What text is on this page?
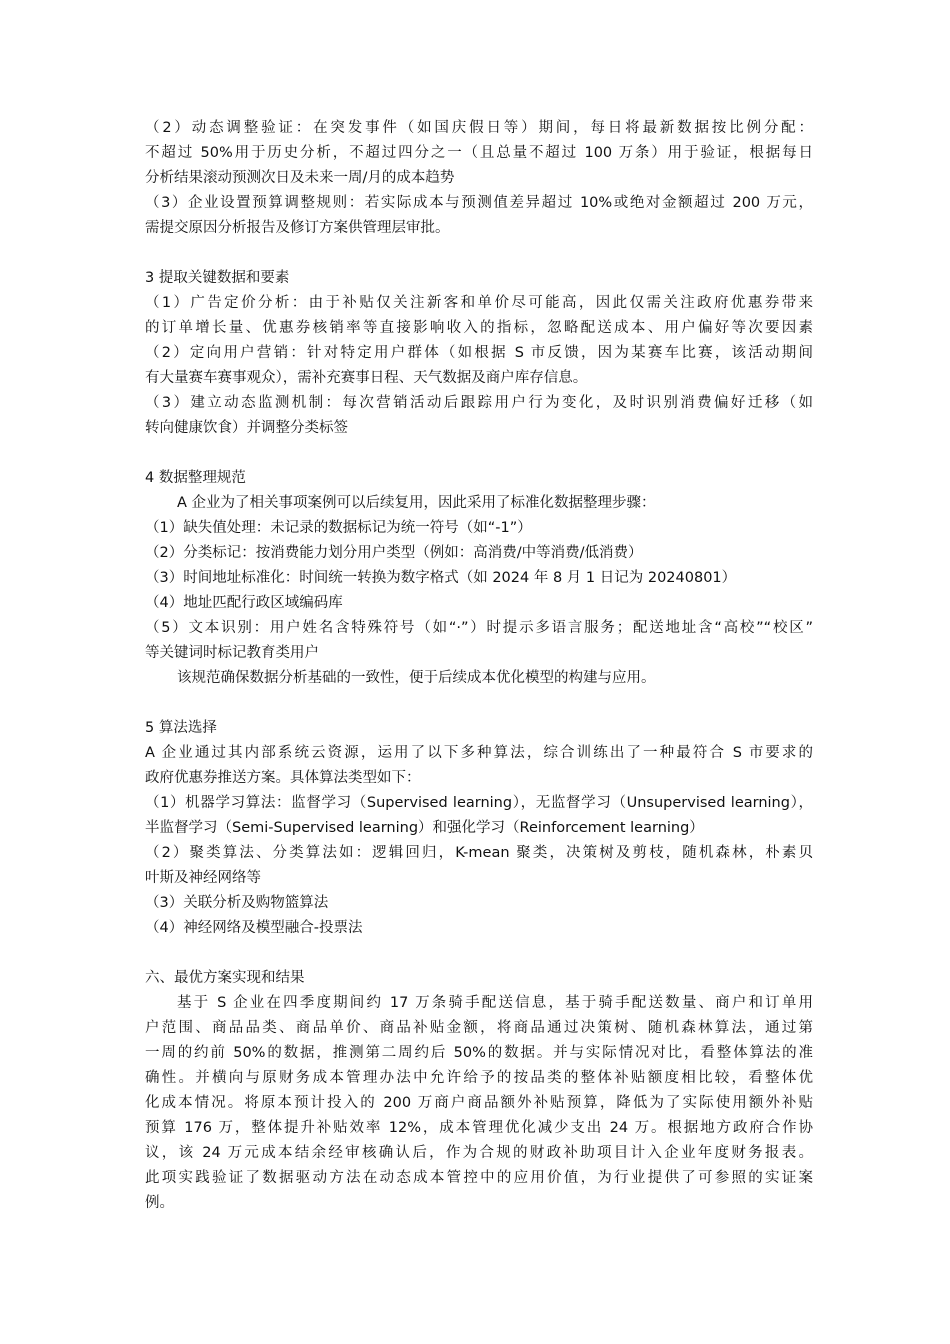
（2）动态调整验证：在突发事件（如国庆假日等）期间，每日将最新数据按比例分配：
不超过 50%用于历史分析，不超过四分之一（且总量不超过 100 万条）用于验证，根据每日
分析结果滚动预测次日及未来一周/月的成本趋势
（3）企业设置预算调整规则：若实际成本与预测值差异超过 10%或绝对金额超过 200 万元，
需提交原因分析报告及修订方案供管理层审批。
3 提取关键数据和要素
（1）广告定价分析：由于补贴仅关注新客和单价尽可能高，因此仅需关注政府优惠券带来
的订单增长量、优惠券核销率等直接影响收入的指标，忽略配送成本、用户偏好等次要因素
（2）定向用户营销：针对特定用户群体（如根据 S 市反馈，因为某赛车比赛，该活动期间
有大量赛车赛事观众），需补充赛事日程、天气数据及商户库存信息。
（3）建立动态监测机制：每次营销活动后跟踪用户行为变化，及时识别消费偏好迁移（如
转向健康饮食）并调整分类标签
4 数据整理规范
A 企业为了相关事项案例可以后续复用，因此采用了标准化数据整理步骤：
（1）缺失值处理：未记录的数据标记为统一符号（如“-1”）
（2）分类标记：按消费能力划分用户类型（例如：高消费/中等消费/低消费）
（3）时间地址标准化：时间统一转换为数字格式（如 2024 年 8 月 1 日记为 20240801）
（4）地址匹配行政区域编码库
（5）文本识别：用户姓名含特殊符号（如“·”）时提示多语言服务；配送地址含“高校”“校区”
等关键词时标记教育类用户
该规范确保数据分析基础的一致性，便于后续成本优化模型的构建与应用。
5 算法选择
A 企业通过其内部系统云资源，运用了以下多种算法，综合训练出了一种最符合 S 市要求的
政府优惠券推送方案。具体算法类型如下：
（1）机器学习算法：监督学习（Supervised learning），无监督学习（Unsupervised learning），
半监督学习（Semi-Supervised learning）和强化学习（Reinforcement learning）
（2）聚类算法、分类算法如：逻辑回归，K-mean 聚类，决策树及剪枝，随机森林，朴素贝
叶斯及神经网络等
（3）关联分析及购物篮算法
（4）神经网络及模型融合-投票法
六、最优方案实现和结果
基于 S 企业在四季度期间约 17 万条骑手配送信息，基于骑手配送数量、商户和订单用
户范围、商品品类、商品单价、商品补贴金额，将商品通过决策树、随机森林算法，通过第
一周的约前 50%的数据，推测第二周约后 50%的数据。并与实际情况对比，看整体算法的准
确性。并横向与原财务成本管理办法中允许给予的按品类的整体补贴额度相比较，看整体优
化成本情况。将原本预计投入的 200 万商户商品额外补贴预算，降低为了实际使用额外补贴
预算 176 万，整体提升补贴效率 12%，成本管理优化减少支出 24 万。根据地方政府合作协
议，该 24 万元成本结余经审核确认后，作为合规的财政补助项目计入企业年度财务报表。
此项实践验证了数据驱动方法在动态成本管控中的应用价值，为行业提供了可参照的实证案
例。
